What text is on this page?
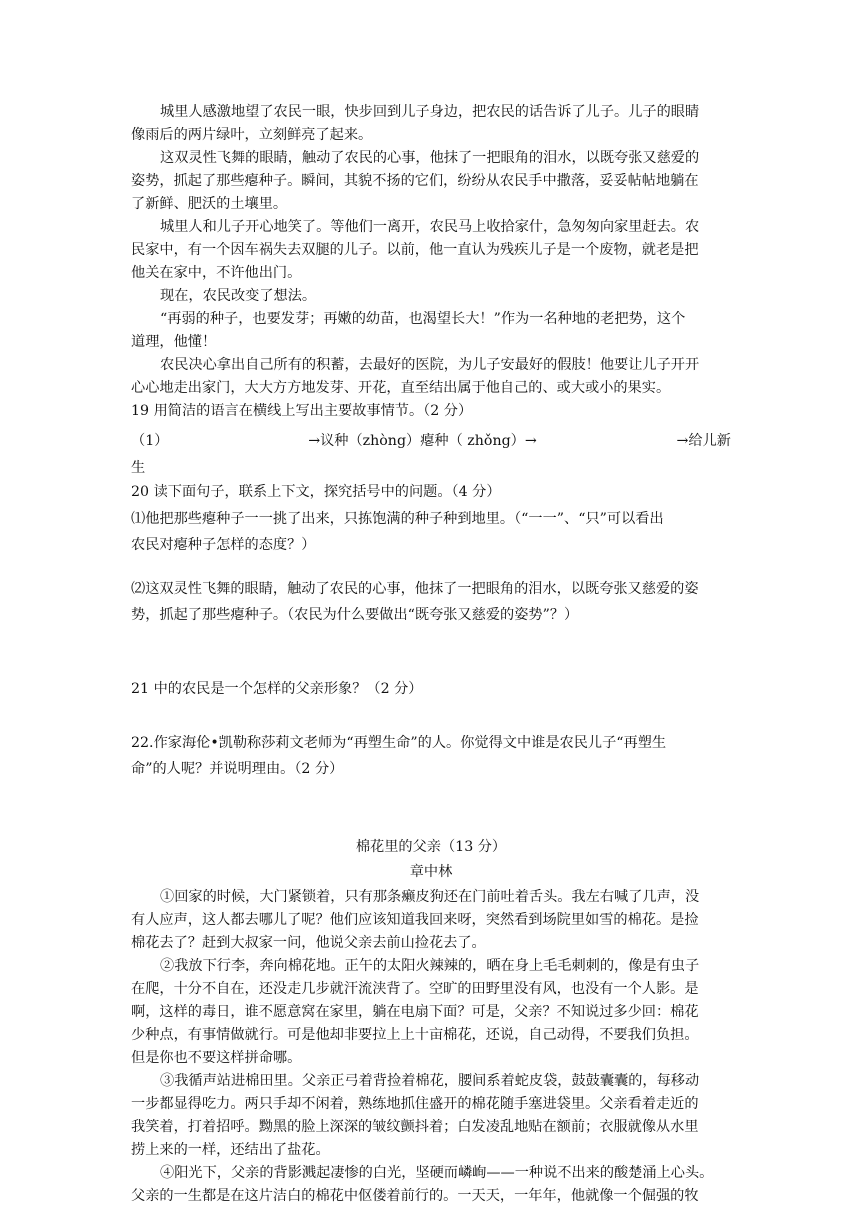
城里人感激地望了农民一眼，快步回到儿子身边，把农民的话告诉了儿子。儿子的眼睛
像雨后的两片绿叶，立刻鲜亮了起来。
这双灵性飞舞的眼睛，触动了农民的心事，他抹了一把眼角的泪水，以既夸张又慈爱的
姿势，抓起了那些瘪种子。瞬间，其貌不扬的它们，纷纷从农民手中撒落，妥妥帖帖地躺在
了新鲜、肥沃的土壤里。
城里人和儿子开心地笑了。等他们一离开，农民马上收拾家什，急匆匆向家里赶去。农
民家中，有一个因车祸失去双腿的儿子。以前，他一直认为残疾儿子是一个废物，就老是把
他关在家中，不许他出门。
现在，农民改变了想法。
“再弱的种子，也要发芽；再嫩的幼苗，也渴望长大！”作为一名种地的老把势，这个
道理，他懂！
农民决心拿出自己所有的积蓄，去最好的医院，为儿子安最好的假肢！他要让儿子开开
心心地走出家门，大大方方地发芽、开花，直至结出属于他自己的、或大或小的果实。
19 用简洁的语言在横线上写出主要故事情节。（2 分）
（1）	→议种（zhòng）瘪种（ zhǒng）→	→给儿新
生
20 读下面句子，联系上下文，探究括号中的问题。（4 分）
⑴他把那些瘪种子一一挑了出来，只拣饱满的种子种到地里。（“一一”、“只”可以看出
农民对瘪种子怎样的态度？）
⑵这双灵性飞舞的眼睛，触动了农民的心事，他抹了一把眼角的泪水，以既夸张又慈爱的姿
势，抓起了那些瘪种子。（农民为什么要做出“既夸张又慈爱的姿势”？）
21 中的农民是一个怎样的父亲形象？（2 分）
22.作家海伦•凯勒称莎莉文老师为“再塑生命”的人。你觉得文中谁是农民儿子“再塑生
命”的人呢？并说明理由。（2 分）
棉花里的父亲（13 分）
章中林
①回家的时候，大门紧锁着，只有那条癞皮狗还在门前吐着舌头。我左右喊了几声，没
有人应声，这人都去哪儿了呢？他们应该知道我回来呀，突然看到场院里如雪的棉花。是捡
棉花去了？赶到大叔家一问，他说父亲去前山捡花去了。
②我放下行李，奔向棉花地。正午的太阳火辣辣的，晒在身上毛毛刺刺的，像是有虫子
在爬，十分不自在，还没走几步就汗流浃背了。空旷的田野里没有风，也没有一个人影。是
啊，这样的毒日，谁不愿意窝在家里，躺在电扇下面？可是，父亲？不知说过多少回：棉花
少种点，有事情做就行。可是他却非要拉上上十亩棉花，还说，自己动得，不要我们负担。
但是你也不要这样拼命哪。
③我循声站进棉田里。父亲正弓着背捡着棉花，腰间系着蛇皮袋，鼓鼓囊囊的，每移动
一步都显得吃力。两只手却不闲着，熟练地抓住盛开的棉花随手塞进袋里。父亲看着走近的
我笑着，打着招呼。黝黑的脸上深深的皱纹颤抖着；白发凌乱地贴在额前；衣服就像从水里
捞上来的一样，还结出了盐花。
④阳光下，父亲的背影溅起凄惨的白光，坚硬而嶙峋——一种说不出来的酸楚涌上心头。
父亲的一生都是在这片洁白的棉花中伛偻着前行的。一天天，一年年，他就像一个倔强的牧
